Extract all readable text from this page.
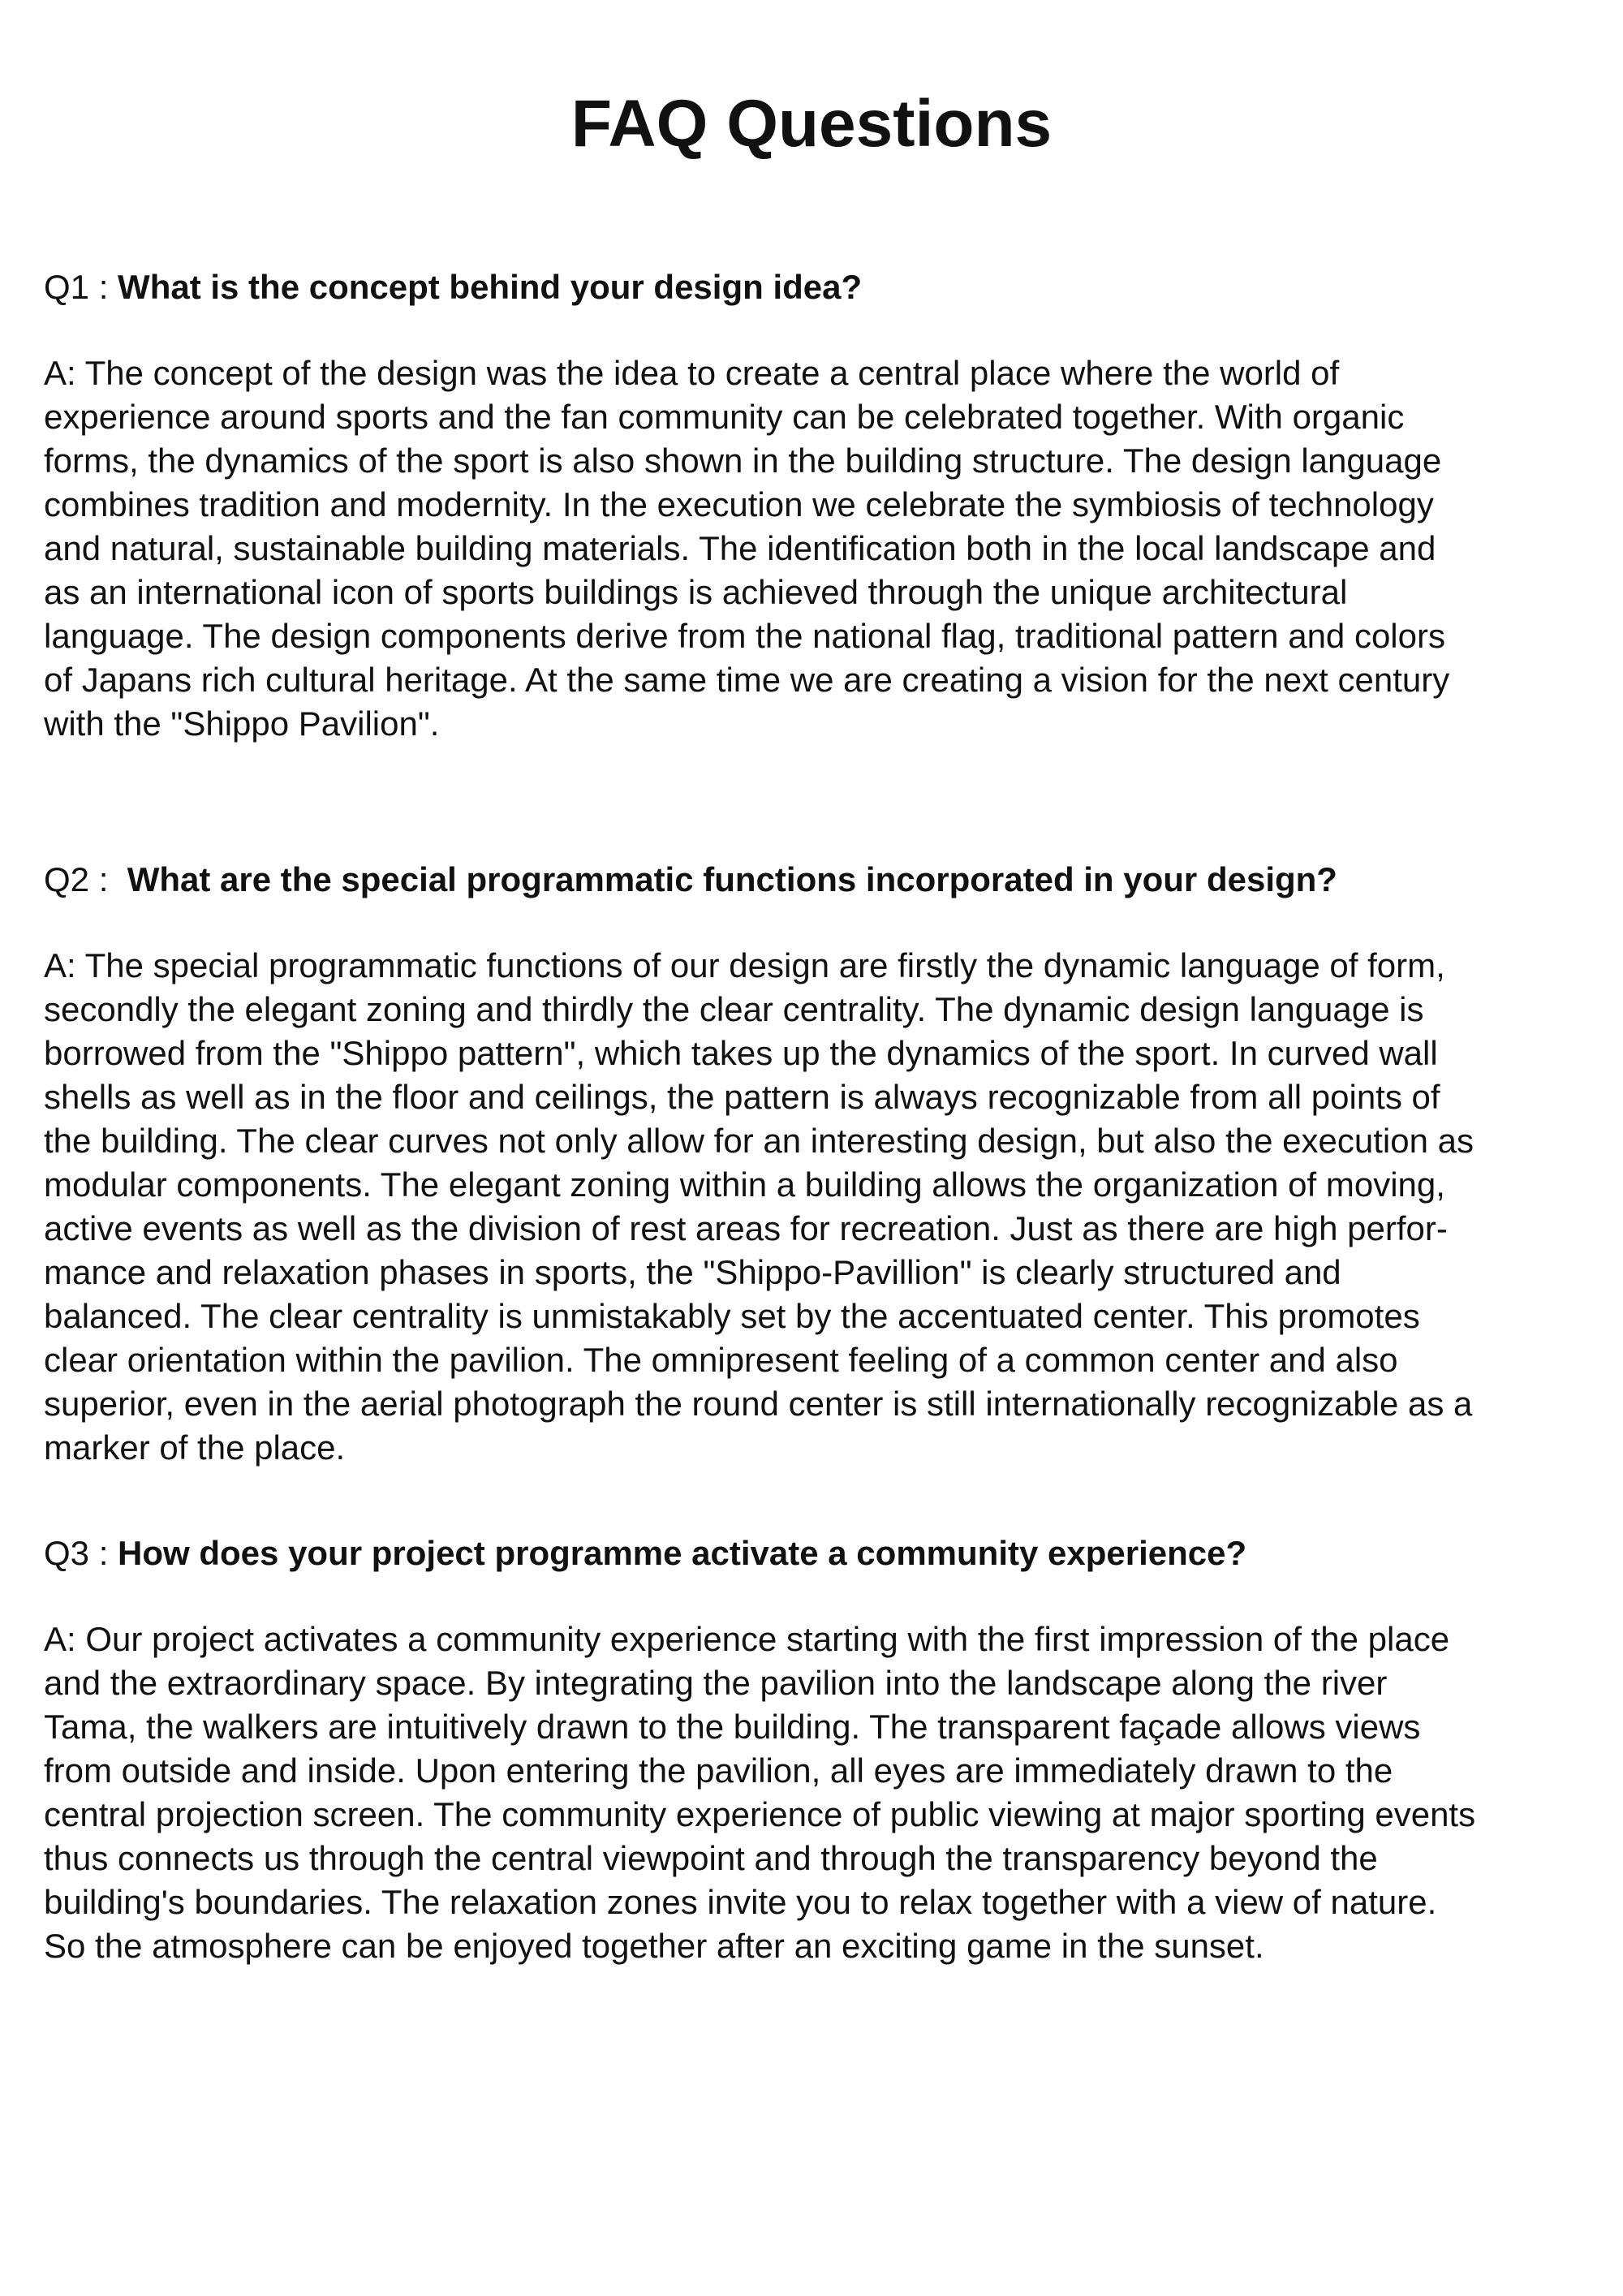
FAQ Questions

Q1 : What is the concept behind your design idea?

A: The concept of the design was the idea to create a central place where the world of
experience around sports and the fan community can be celebrated together. With organic
forms, the dynamics of the sport is also shown in the building structure. The design language
combines tradition and modernity. In the execution we celebrate the symbiosis of technology
and natural, sustainable building materials. The identification both in the local landscape and
as an international icon of sports buildings is achieved through the unique architectural
language. The design components derive from the national flag, traditional pattern and colors
of Japans rich cultural heritage. At the same time we are creating a vision for the next century
with the "Shippo Pavilion".

Q2 :  What are the special programmatic functions incorporated in your design?

A: The special programmatic functions of our design are firstly the dynamic language of form,
secondly the elegant zoning and thirdly the clear centrality. The dynamic design language is
borrowed from the "Shippo pattern", which takes up the dynamics of the sport. In curved wall
shells as well as in the floor and ceilings, the pattern is always recognizable from all points of
the building. The clear curves not only allow for an interesting design, but also the execution as
modular components. The elegant zoning within a building allows the organization of moving,
active events as well as the division of rest areas for recreation. Just as there are high perfor-
mance and relaxation phases in sports, the "Shippo-Pavillion" is clearly structured and
balanced. The clear centrality is unmistakably set by the accentuated center. This promotes
clear orientation within the pavilion. The omnipresent feeling of a common center and also
superior, even in the aerial photograph the round center is still internationally recognizable as a
marker of the place.

Q3 : How does your project programme activate a community experience?

A: Our project activates a community experience starting with the first impression of the place
and the extraordinary space. By integrating the pavilion into the landscape along the river
Tama, the walkers are intuitively drawn to the building. The transparent façade allows views
from outside and inside. Upon entering the pavilion, all eyes are immediately drawn to the
central projection screen. The community experience of public viewing at major sporting events
thus connects us through the central viewpoint and through the transparency beyond the
building's boundaries. The relaxation zones invite you to relax together with a view of nature.
So the atmosphere can be enjoyed together after an exciting game in the sunset.
